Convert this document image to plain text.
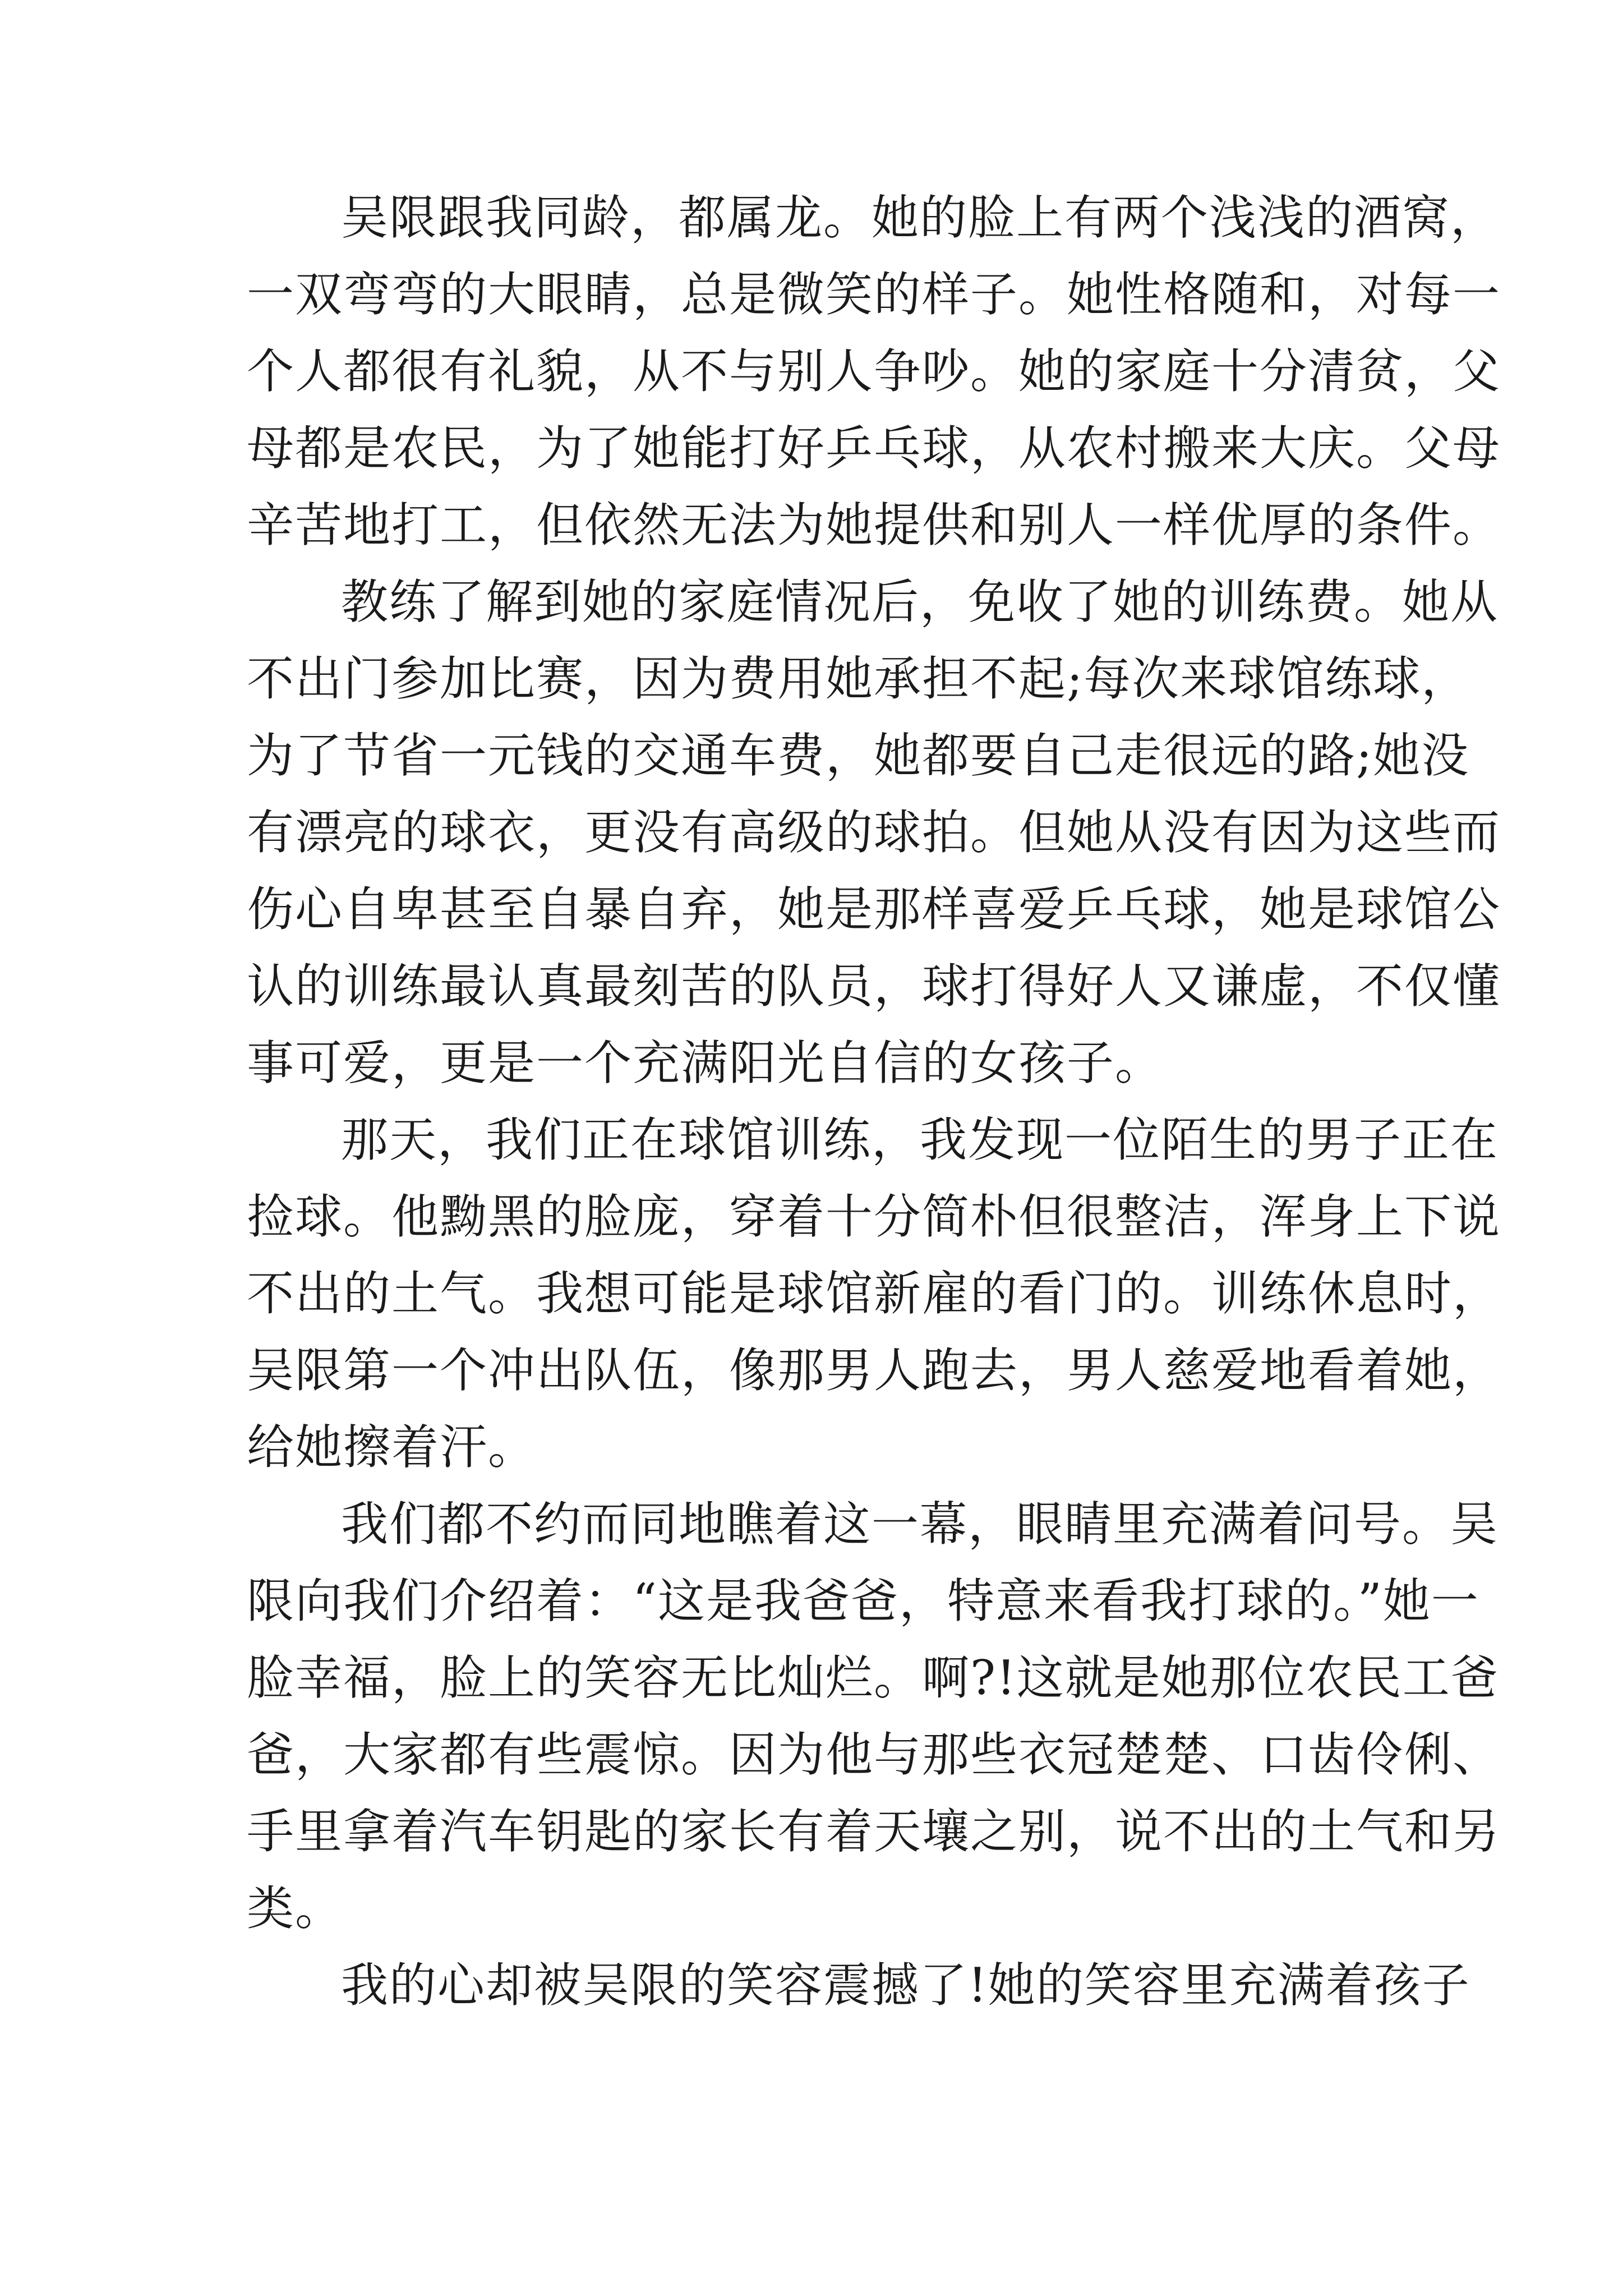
吴限跟我同龄，都属龙。她的脸上有两个浅浅的酒窝，
一双弯弯的大眼睛，总是微笑的样子。她性格随和，对每一
个人都很有礼貌，从不与别人争吵。她的家庭十分清贫，父
母都是农民，为了她能打好乒乓球，从农村搬来大庆。父母
辛苦地打工，但依然无法为她提供和别人一样优厚的条件。
教练了解到她的家庭情况后，免收了她的训练费。她从
不出门参加比赛，因为费用她承担不起;每次来球馆练球，
为了节省一元钱的交通车费，她都要自己走很远的路;她没
有漂亮的球衣，更没有高级的球拍。但她从没有因为这些而
伤心自卑甚至自暴自弃，她是那样喜爱乒乓球，她是球馆公
认的训练最认真最刻苦的队员，球打得好人又谦虚，不仅懂
事可爱，更是一个充满阳光自信的女孩子。
那天，我们正在球馆训练，我发现一位陌生的男子正在
捡球。他黝黑的脸庞，穿着十分简朴但很整洁，浑身上下说
不出的土气。我想可能是球馆新雇的看门的。训练休息时，
吴限第一个冲出队伍，像那男人跑去，男人慈爱地看着她，
给她擦着汗。
我们都不约而同地瞧着这一幕，眼睛里充满着问号。吴
限向我们介绍着：“这是我爸爸，特意来看我打球的。”她一
脸幸福，脸上的笑容无比灿烂。啊?!这就是她那位农民工爸
爸，大家都有些震惊。因为他与那些衣冠楚楚、口齿伶俐、
手里拿着汽车钥匙的家长有着天壤之别，说不出的土气和另
类。
我的心却被吴限的笑容震撼了!她的笑容里充满着孩子
